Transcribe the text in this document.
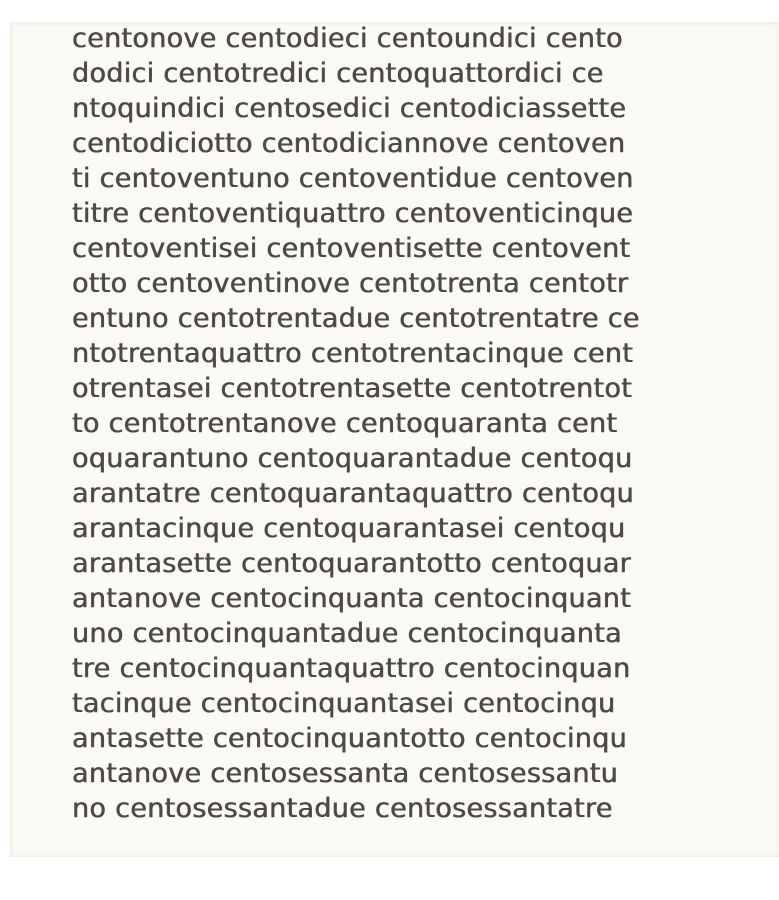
centonove centodieci centoundici cento
dodici centotredici centoquattordici ce
ntoquindici centosedici centodiciassette
centodiciotto centodiciannove centoven
ti centoventuno centoventidue centoven
titre centoventiquattro centoventicinque
centoventisei centoventisette centovent
otto centoventinove centotrenta centotr
entuno centotrentadue centotrentatre ce
ntotrentaquattro centotrentacinque cent
otrentasei centotrentasette centotrentot
to centotrentanove centoquaranta cent
oquarantuno centoquarantadue centoqu
arantatre centoquarantaquattro centoqu
arantacinque centoquarantasei centoqu
arantasette centoquarantotto centoquar
antanove centocinquanta centocinquant
uno centocinquantadue centocinquanta
tre centocinquantaquattro centocinquan
tacinque centocinquantasei centocinqu
antasette centocinquantotto centocinqu
antanove centosessanta centosessantu
no centosessantadue centosessantatre
